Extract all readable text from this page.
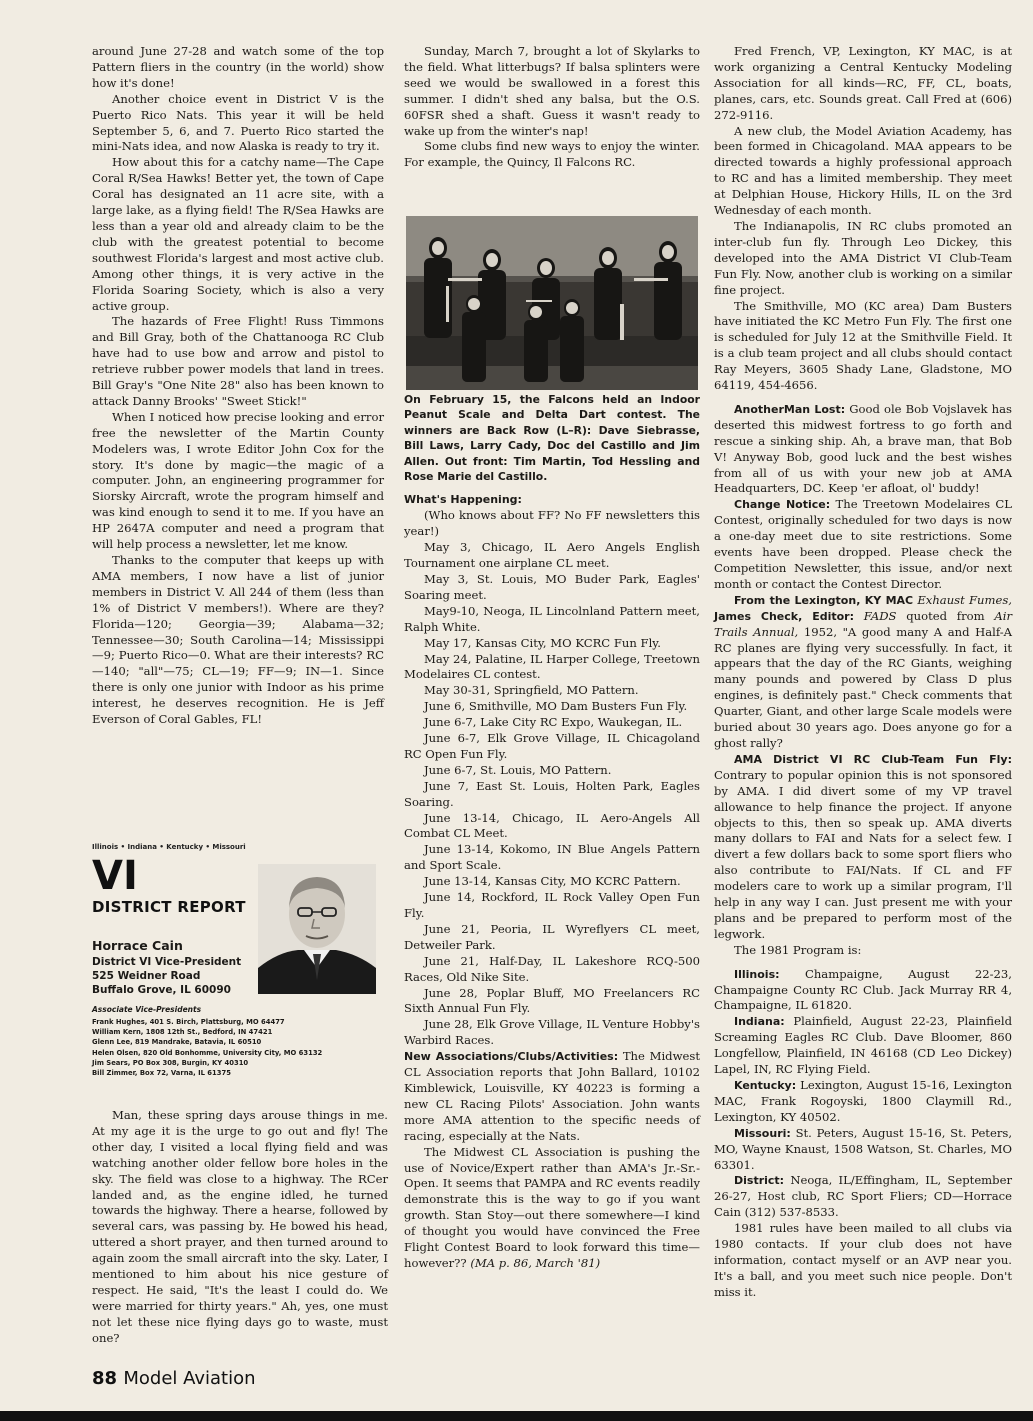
around June 27-28 and watch some of the top Pattern fliers in the country (in the world) show how it's done!

Another choice event in District V is the Puerto Rico Nats. This year it will be held September 5, 6, and 7. Puerto Rico started the mini-Nats idea, and now Alaska is ready to try it.

How about this for a catchy name—The Cape Coral R/Sea Hawks! Better yet, the town of Cape Coral has designated an 11 acre site, with a large lake, as a flying field! The R/Sea Hawks are less than a year old and already claim to be the club with the greatest potential to become southwest Florida's largest and most active club. Among other things, it is very active in the Florida Soaring Society, which is also a very active group.

The hazards of Free Flight! Russ Timmons and Bill Gray, both of the Chattanooga RC Club have had to use bow and arrow and pistol to retrieve rubber power models that land in trees. Bill Gray's "One Nite 28" also has been known to attack Danny Brooks' "Sweet Stick!"

When I noticed how precise looking and error free the newsletter of the Martin County Modelers was, I wrote Editor John Cox for the story. It's done by magic—the magic of a computer. John, an engineering programmer for Siorsky Aircraft, wrote the program himself and was kind enough to send it to me. If you have an HP 2647A computer and need a program that will help process a newsletter, let me know.

Thanks to the computer that keeps up with AMA members, I now have a list of junior members in District V. All 244 of them (less than 1% of District V members!). Where are they? Florida—120; Georgia—39; Alabama—32; Tennessee—30; South Carolina—14; Mississippi—9; Puerto Rico—0. What are their interests? RC—140; "all"—75; CL—19; FF—9; IN—1. Since there is only one junior with Indoor as his prime interest, he deserves recognition. He is Jeff Everson of Coral Gables, FL!

Illinois • Indiana • Kentucky • Missouri
VI
DISTRICT REPORT
Horrace Cain
District VI Vice-President
525 Weidner Road
Buffalo Grove, IL 60090
Associate Vice-Presidents
Frank Hughes, 401 S. Birch, Plattsburg, MO 64477
William Kern, 1808 12th St., Bedford, IN 47421
Glenn Lee, 819 Mandrake, Batavia, IL 60510
Helen Olsen, 820 Old Bonhomme, University City, MO 63132
Jim Sears, PO Box 308, Burgin, KY 40310
Bill Zimmer, Box 72, Varna, IL 61375

Man, these spring days arouse things in me. At my age it is the urge to go out and fly! The other day, I visited a local flying field and was watching another older fellow bore holes in the sky. The field was close to a highway. The RCer landed and, as the engine idled, he turned towards the highway. There a hearse, followed by several cars, was passing by. He bowed his head, uttered a short prayer, and then turned around to again zoom the small aircraft into the sky. Later, I mentioned to him about his nice gesture of respect. He said, "It's the least I could do. We were married for thirty years." Ah, yes, one must not let these nice flying days go to waste, must one?

Sunday, March 7, brought a lot of Skylarks to the field. What litterbugs? If balsa splinters were seed we would be swallowed in a forest this summer. I didn't shed any balsa, but the O.S. 60FSR shed a shaft. Guess it wasn't ready to wake up from the winter's nap!

Some clubs find new ways to enjoy the winter. For example, the Quincy, Il Falcons RC.

On February 15, the Falcons held an Indoor Peanut Scale and Delta Dart contest. The winners are Back Row (L–R): Dave Siebrasse, Bill Laws, Larry Cady, Doc del Castillo and Jim Allen. Out front: Tim Martin, Tod Hessling and Rose Marie del Castillo.

What's Happening:

(Who knows about FF? No FF newsletters this year!)

May 3, Chicago, IL Aero Angels English Tournament one airplane CL meet.

May 3, St. Louis, MO Buder Park, Eagles' Soaring meet.

May9-10, Neoga, IL Lincolnland Pattern meet, Ralph White.

May 17, Kansas City, MO KCRC Fun Fly.

May 24, Palatine, IL Harper College, Treetown Modelaires CL contest.

May 30-31, Springfield, MO Pattern.

June 6, Smithville, MO Dam Busters Fun Fly.

June 6-7, Lake City RC Expo, Waukegan, IL.

June 6-7, Elk Grove Village, IL Chicagoland RC Open Fun Fly.

June 6-7, St. Louis, MO Pattern.

June 7, East St. Louis, Holten Park, Eagles Soaring.

June 13-14, Chicago, IL Aero-Angels All Combat CL Meet.

June 13-14, Kokomo, IN Blue Angels Pattern and Sport Scale.

June 13-14, Kansas City, MO KCRC Pattern.

June 14, Rockford, IL Rock Valley Open Fun Fly.

June 21, Peoria, IL Wyreflyers CL meet, Detweiler Park.

June 21, Half-Day, IL Lakeshore RCQ-500 Races, Old Nike Site.

June 28, Poplar Bluff, MO Freelancers RC Sixth Annual Fun Fly.

June 28, Elk Grove Village, IL Venture Hobby's Warbird Races.

New Associations/Clubs/Activities: The Midwest CL Association reports that John Ballard, 10102 Kimblewick, Louisville, KY 40223 is forming a new CL Racing Pilots' Association. John wants more AMA attention to the specific needs of racing, especially at the Nats.

The Midwest CL Association is pushing the use of Novice/Expert rather than AMA's Jr.-Sr.-Open. It seems that PAMPA and RC events readily demonstrate this is the way to go if you want growth. Stan Stoy—out there somewhere—I kind of thought you would have convinced the Free Flight Contest Board to look forward this time—however?? (MA p. 86, March '81)

Fred French, VP, Lexington, KY MAC, is at work organizing a Central Kentucky Modeling Association for all kinds—RC, FF, CL, boats, planes, cars, etc. Sounds great. Call Fred at (606) 272-9116.

A new club, the Model Aviation Academy, has been formed in Chicagoland. MAA appears to be directed towards a highly professional approach to RC and has a limited membership. They meet at Delphian House, Hickory Hills, IL on the 3rd Wednesday of each month.

The Indianapolis, IN RC clubs promoted an inter-club fun fly. Through Leo Dickey, this developed into the AMA District VI Club-Team Fun Fly. Now, another club is working on a similar fine project.

The Smithville, MO (KC area) Dam Busters have initiated the KC Metro Fun Fly. The first one is scheduled for July 12 at the Smithville Field. It is a club team project and all clubs should contact Ray Meyers, 3605 Shady Lane, Gladstone, MO 64119, 454-4656.

AnotherMan Lost: Good ole Bob Vojslavek has deserted this midwest fortress to go forth and rescue a sinking ship. Ah, a brave man, that Bob V! Anyway Bob, good luck and the best wishes from all of us with your new job at AMA Headquarters, DC. Keep 'er afloat, ol' buddy!

Change Notice: The Treetown Modelaires CL Contest, originally scheduled for two days is now a one-day meet due to site restrictions. Some events have been dropped. Please check the Competition Newsletter, this issue, and/or next month or contact the Contest Director.

From the Lexington, KY MAC Exhaust Fumes, James Check, Editor: FADS quoted from Air Trails Annual, 1952, "A good many A and Half-A RC planes are flying very successfully. In fact, it appears that the day of the RC Giants, weighing many pounds and powered by Class D plus engines, is definitely past." Check comments that Quarter, Giant, and other large Scale models were buried about 30 years ago. Does anyone go for a ghost rally?

AMA District VI RC Club-Team Fun Fly: Contrary to popular opinion this is not sponsored by AMA. I did divert some of my VP travel allowance to help finance the project. If anyone objects to this, then so speak up. AMA diverts many dollars to FAI and Nats for a select few. I divert a few dollars back to some sport fliers who also contribute to FAI/Nats. If CL and FF modelers care to work up a similar program, I'll help in any way I can. Just present me with your plans and be prepared to perform most of the legwork.

The 1981 Program is:

Illinois: Champaigne, August 22-23, Champaigne County RC Club. Jack Murray RR 4, Champaigne, IL 61820.

Indiana: Plainfield, August 22-23, Plainfield Screaming Eagles RC Club. Dave Bloomer, 860 Longfellow, Plainfield, IN 46168 (CD Leo Dickey) Lapel, IN, RC Flying Field.

Kentucky: Lexington, August 15-16, Lexington MAC, Frank Rogoyski, 1800 Claymill Rd., Lexington, KY 40502.

Missouri: St. Peters, August 15-16, St. Peters, MO, Wayne Knaust, 1508 Watson, St. Charles, MO 63301.

District: Neoga, IL/Effingham, IL, September 26-27, Host club, RC Sport Fliers; CD—Horrace Cain (312) 537-8533.

1981 rules have been mailed to all clubs via 1980 contacts. If your club does not have information, contact myself or an AVP near you. It's a ball, and you meet such nice people. Don't miss it.

88 Model Aviation
